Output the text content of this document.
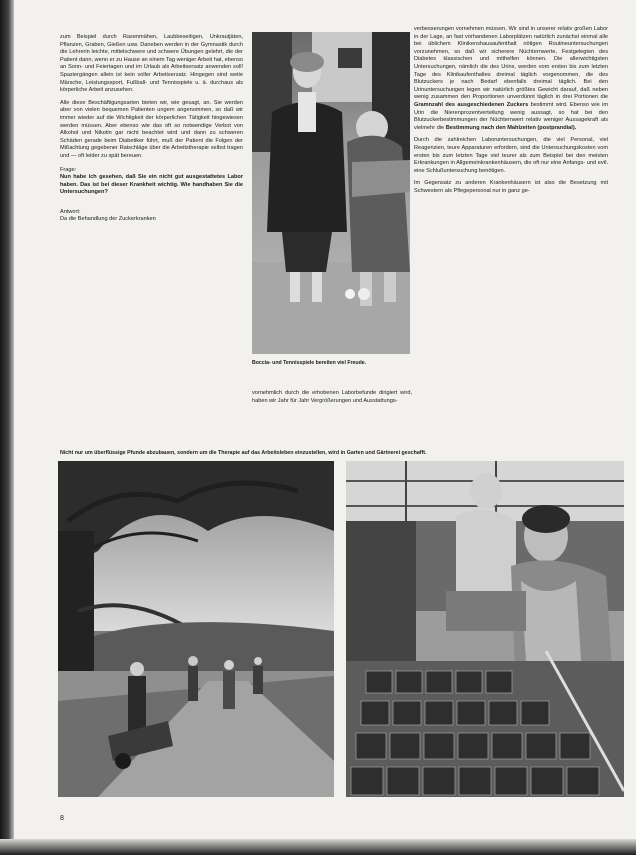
zum Beispiel durch Rasenmähen, Laubbeseitigen, Unkrautjäten, Pflanzen, Graben, Gießen usw. Daneben werden in der Gymnastik durch die Lehrerin leichte, mittelschwere und schwere Übungen gelehrt, die der Patient dann, wenn er zu Hause an einem Tag weniger Arbeit hat, ebenso an Sonn- und Feiertagen und im Urlaub als Arbeitsersatz anwenden soll! Spaziergängen allein ist kein voller Arbeitsersatz. Hingegen sind weite Märsche, Leistungssport, Fußball- und Tennisspiele u. ä. durchaus als körperliche Arbeit anzusehen.

Alle diese Beschäftigungsarten bieten wir, wie gesagt, an. Sie werden aber von vielen bequemen Patienten ungern angenommen, so daß wir immer wieder auf die Wichtigkeit der körperlichen Tätigkeit hingewiesen werden müssen. Aber ebenso wie das oft so notwendige Verbot von Alkohol und Nikotin gar nicht beachtet wird und dann zu schweren Schäden gerade beim Diabetiker führt, muß der Patient die Folgen der Mißachtung gegebener Ratschläge über die Arbeitstherapie selbst tragen und — oft leider zu spät bereuen.

Frage:
Nun habe ich gesehen, daß Sie ein nicht gut ausgestattetes Labor haben. Das ist bei dieser Krankheit wichtig. Wie handhaben Sie die Untersuchungen?
Antwort:
Da die Behandlung der Zuckerkranken
Boccia- und Tennisspiele bereiten viel Freude.

vornehmlich durch die erhobenen Laborbefunde dirigiert wird, haben wir Jahr für Jahr Vergrößerungen und Ausstattungs-

verbesserungen vornehmen müssen. Wir sind in unserer relativ großen Labor in der Lage, an fast vorhandenen Laborplätzen natürlich zunächst einmal alle bei üblichem Klinikenshausaufenthalt nötigen Routineuntersuchungen vorzunehmen, so daß wir sicherere Nüchternwerte, Festgelegten des Diabetes klassischen und mithelfen können. Die allerwichtigsten Untersuchungen, nämlich die des Urins, werden vom ersten bis zum letzten Tage des Klinikaufenthaltes dreimal täglich vorgenommen, die des Blutzuckers je nach Bedarf ebenfalls dreimal täglich. Bei den Urinuntersuchungen legen wir natürlich größtes Gewicht darauf, daß neben wenig zusammen den Proportionen unverdünnt täglich in drei Portionen die Gramnzahl des ausgeschiedenen Zuckers bestimmt wird. Ebenso wie im Urin die Nierenprozentverteilung wenig aussagt, so hat bei den Blutzuckerbestimmungen der Nüchternwert relativ weniger Aussagekraft als vielmehr die Bestimmung nach den Mahlzeiten (postprandial).

Durch die zahlreichen Laboruntersuchungen, die viel Personal, viel Reagenzien, teure Apparaturen erfordern, sind die Untersuchungskosten vom ersten bis zum letzten Tage viel teurer als zum Beispiel bei den meisten Erkrankungen in Allgemeinkrankenhäusern, die oft nur eine Anfangs- und evtl. eine Schlußuntersuchung benötigen.

Im Gegensatz zu anderen Krankenhäusern ist also die Besetzung mit Schwestern als Pflegepersonal nur in ganz ge-

Nicht nur um überflüssige Pfunde abzubauen, sondern um die Therapie auf das Arbeitsleben einzustellen, wird in Garten und Gärtnerei geschafft.
8
